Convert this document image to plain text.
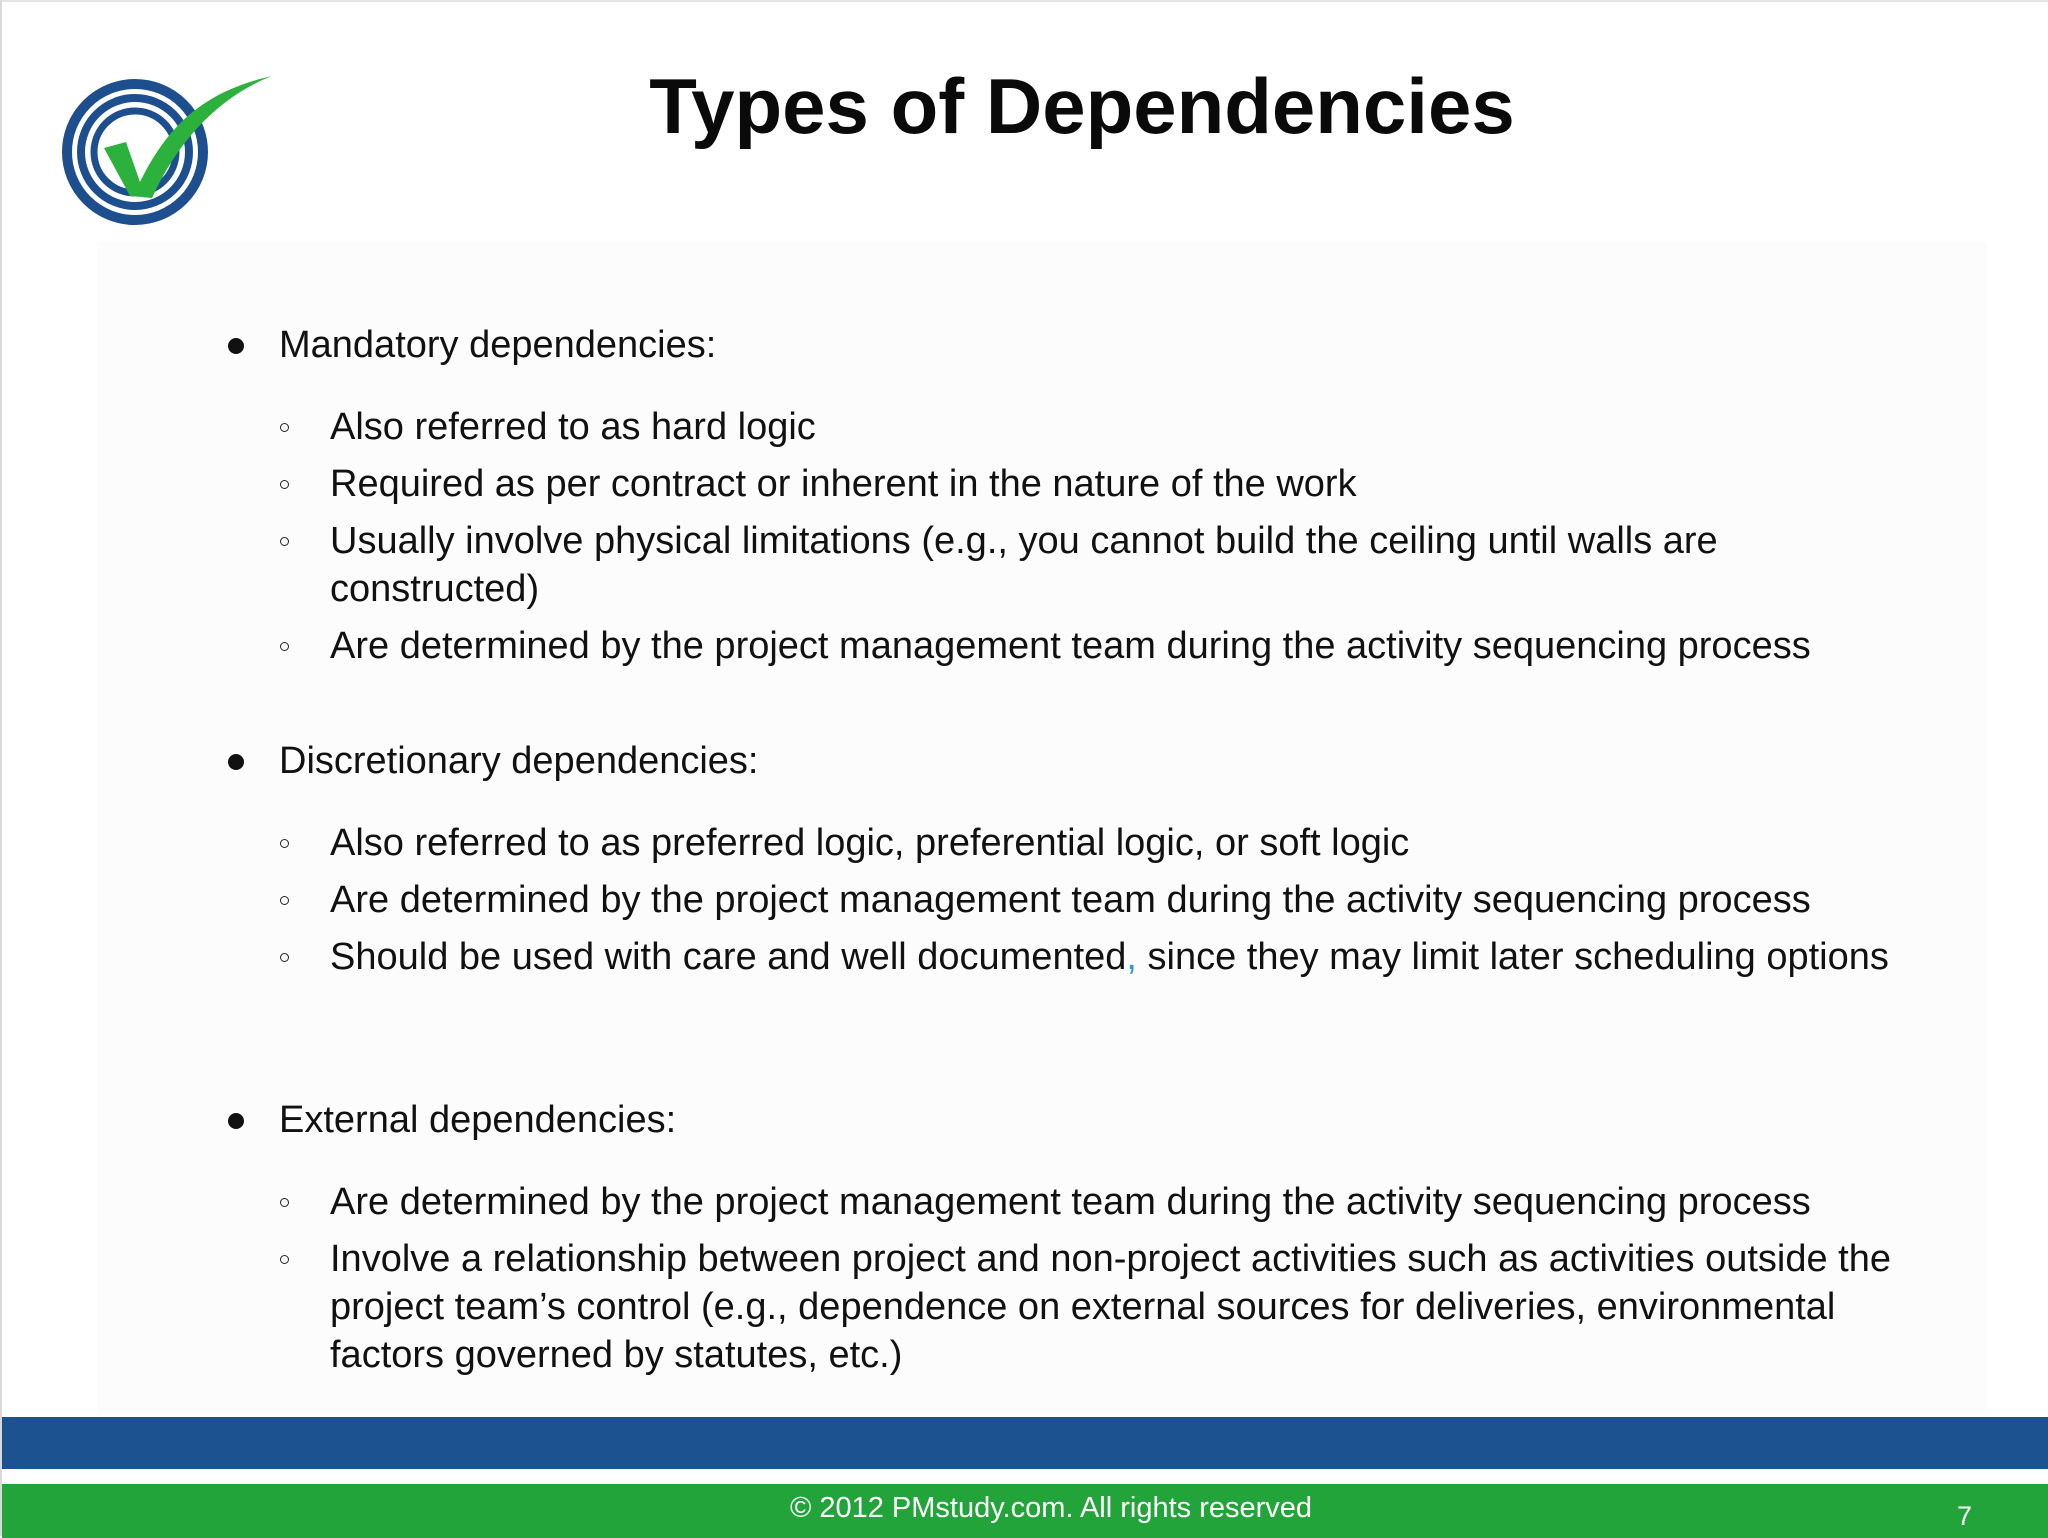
Types of Dependencies
Mandatory dependencies:
Also referred to as hard logic
Required as per contract or inherent in the nature of the work
Usually involve physical limitations (e.g., you cannot build the ceiling until walls are constructed)
Are determined by the project management team during the activity sequencing process
Discretionary dependencies:
Also referred to as preferred logic, preferential logic, or soft logic
Are determined by the project management team during the activity sequencing process
Should be used with care and well documented, since they may limit later scheduling options
External dependencies:
Are determined by the project management team during the activity sequencing process
Involve a relationship between project and non-project activities such as activities outside the project team’s control (e.g., dependence on external sources for deliveries, environmental factors governed by statutes, etc.)
© 2012 PMstudy.com. All rights reserved	7
